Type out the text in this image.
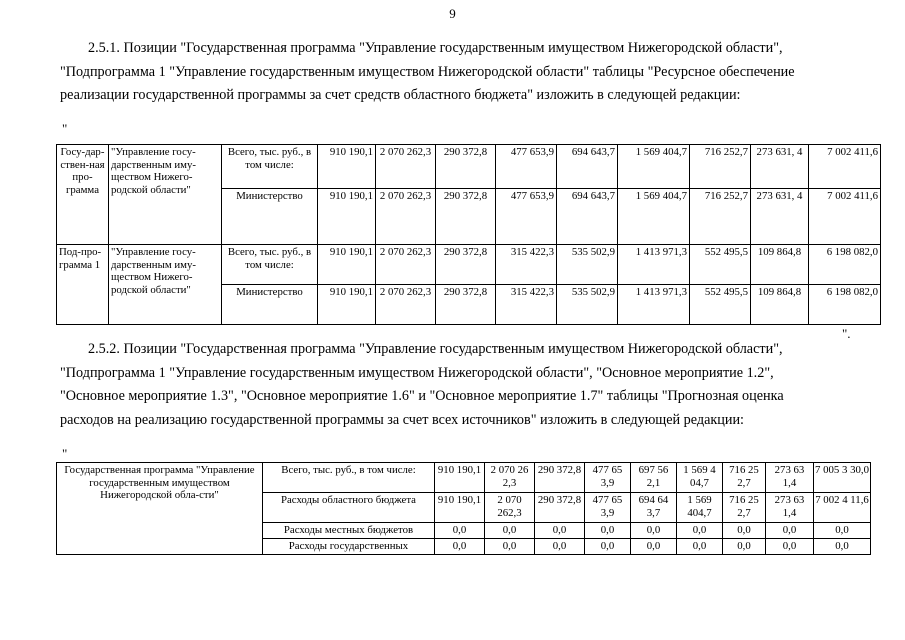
9
2.5.1. Позиции "Государственная программа "Управление государственным имуществом Нижегородской области",
"Подпрограмма 1 "Управление государственным имуществом Нижегородской области" таблицы "Ресурсное обеспечение
реализации государственной программы за счет средств областного бюджета" изложить в следующей редакции:
"
Госу-дар-ствен-ная про-грамма	"Управление госу-дарственным иму-ществом Нижего-родской области"	Всего, тыс. руб., в том числе:	910 190,1	2 070 262,3	290 372,8	477 653,9	694 643,7	1 569 404,7	716 252,7	273 631, 4	7 002 411,6
		Министерство	910 190,1	2 070 262,3	290 372,8	477 653,9	694 643,7	1 569 404,7	716 252,7	273 631, 4	7 002 411,6
Под-про-грамма 1	"Управление госу-дарственным иму-ществом Нижего-родской области"	Всего, тыс. руб., в том числе:	910 190,1	2 070 262,3	290 372,8	315 422,3	535 502,9	1 413 971,3	552 495,5	109 864,8	6 198 082,0
		Министерство	910 190,1	2 070 262,3	290 372,8	315 422,3	535 502,9	1 413 971,3	552 495,5	109 864,8	6 198 082,0
".
2.5.2. Позиции "Государственная программа "Управление государственным имуществом Нижегородской области",
"Подпрограмма 1 "Управление государственным имуществом Нижегородской области", "Основное мероприятие 1.2",
"Основное мероприятие 1.3", "Основное мероприятие 1.6" и "Основное мероприятие 1.7" таблицы "Прогнозная оценка
расходов на реализацию государственной программы за счет всех источников" изложить в следующей редакции:
"
Государственная программа "Управление государственным имуществом Нижегородской обла-сти"	Всего, тыс. руб., в том числе:	910 190,1	2 070 26 2,3	290 372,8	477 65 3,9	697 56 2,1	1 569 4 04,7	716 25 2,7	273 63 1,4	7 005 3 30,0
	Расходы областного бюджета	910 190,1	2 070 262,3	290 372,8	477 65 3,9	694 64 3,7	1 569 404,7	716 25 2,7	273 63 1,4	7 002 4 11,6
	Расходы местных бюджетов	0,0	0,0	0,0	0,0	0,0	0,0	0,0	0,0	0,0
	Расходы государственных	0,0	0,0	0,0	0,0	0,0	0,0	0,0	0,0	0,0
